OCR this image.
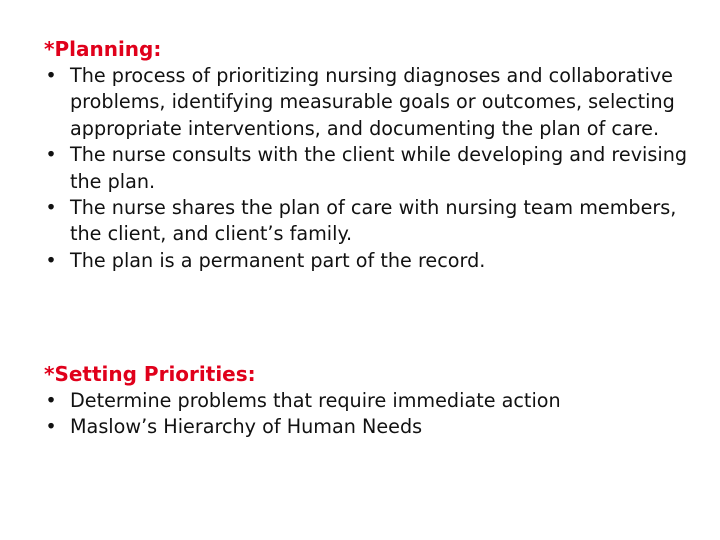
*Planning:
• The process of prioritizing nursing diagnoses and collaborative problems, identifying measurable goals or outcomes, selecting appropriate interventions, and documenting the plan of care.
• The nurse consults with the client while developing and revising the plan.
• The nurse shares the plan of care with nursing team members, the client, and client’s family.
• The plan is a permanent part of the record.
*Setting Priorities:
• Determine problems that require immediate action
• Maslow’s Hierarchy of Human Needs
